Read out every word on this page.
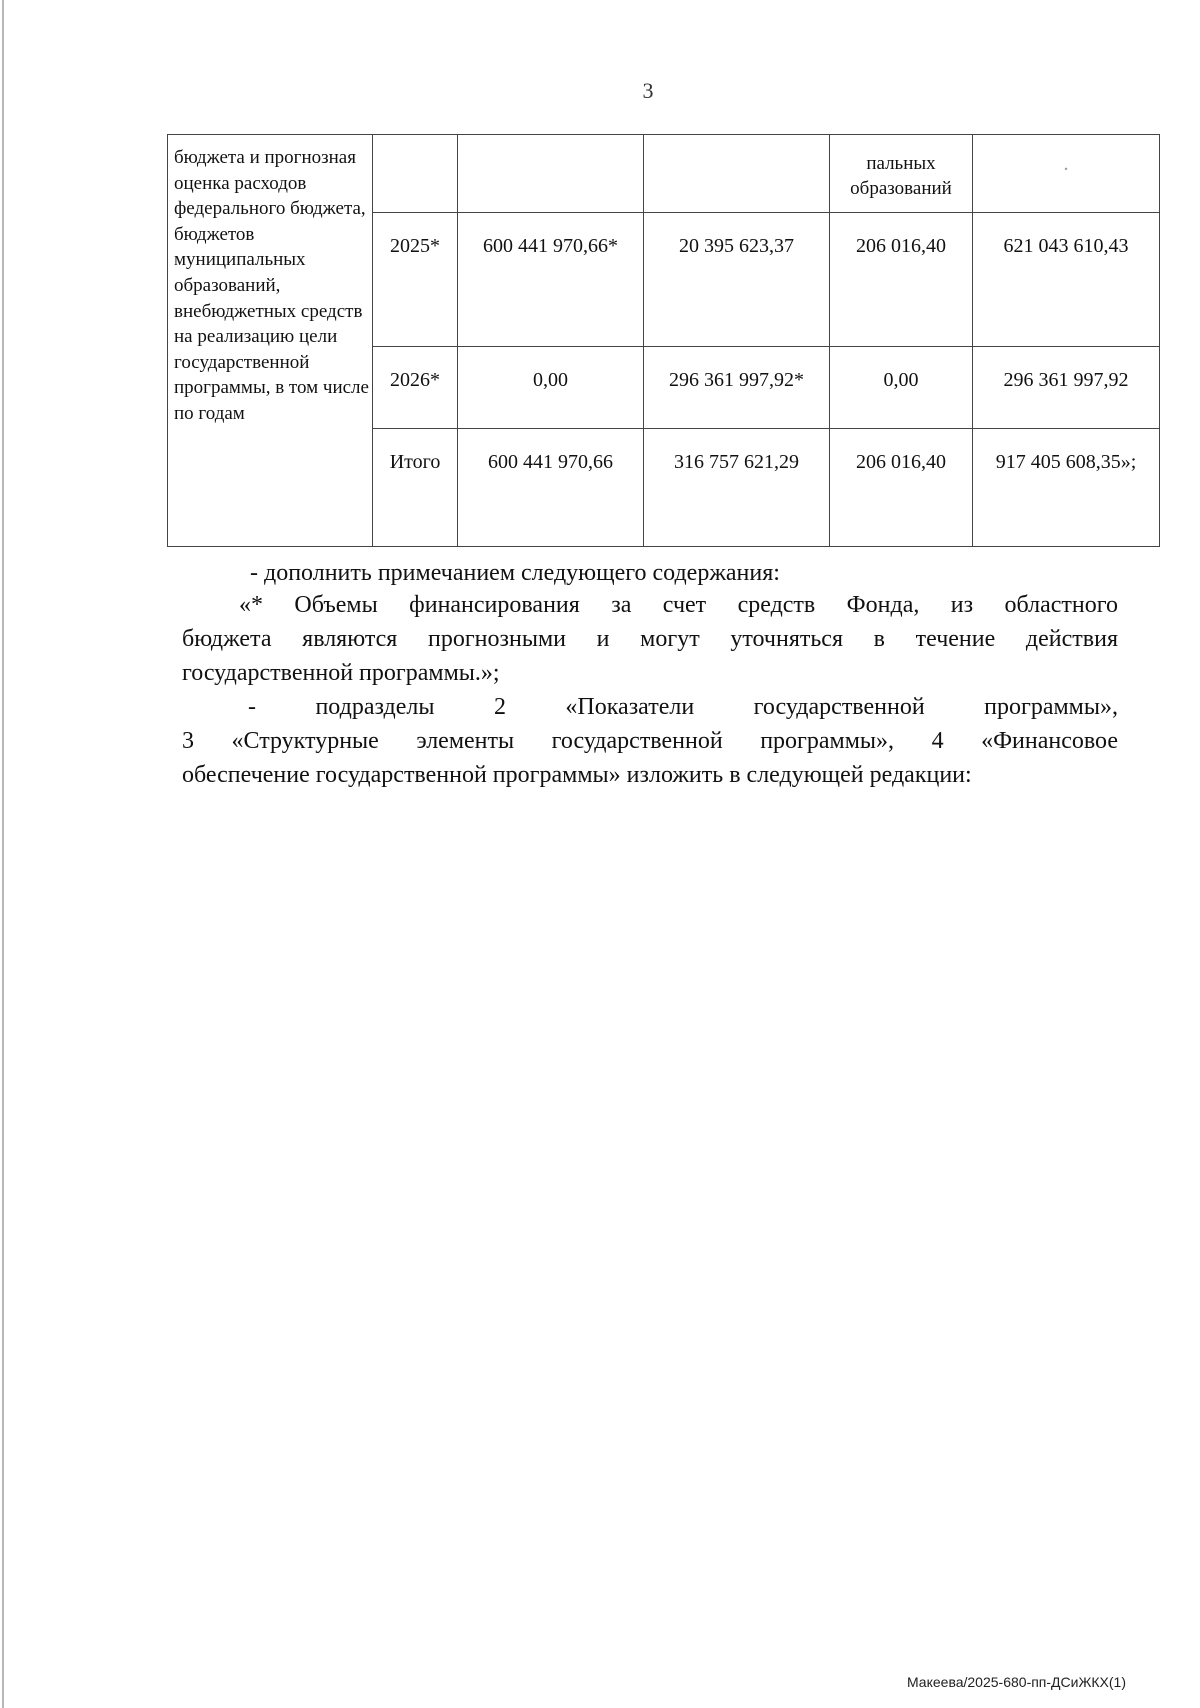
3
бюджета и прогнозная оценка расходов федерального бюджета, бюджетов муниципальных образований, внебюджетных средств на реализацию цели государственной программы, в том числе по годам				пальных образований	.

	2025*	600 441 970,66*	20 395 623,37	206 016,40	621 043 610,43

	2026*	0,00	296 361 997,92*	0,00	296 361 997,92

	Итого	600 441 970,66	316 757 621,29	206 016,40	917 405 608,35»;
- дополнить примечанием следующего содержания:
«* Объемы финансирования за счет средств Фонда, из областного
бюджета являются прогнозными и могут уточняться в течение действия
государственной программы.»;
- подразделы 2 «Показатели государственной программы»,
3 «Структурные элементы государственной программы», 4 «Финансовое
обеспечение государственной программы» изложить в следующей редакции:
Макеева/2025-680-пп-ДСиЖКХ(1)
